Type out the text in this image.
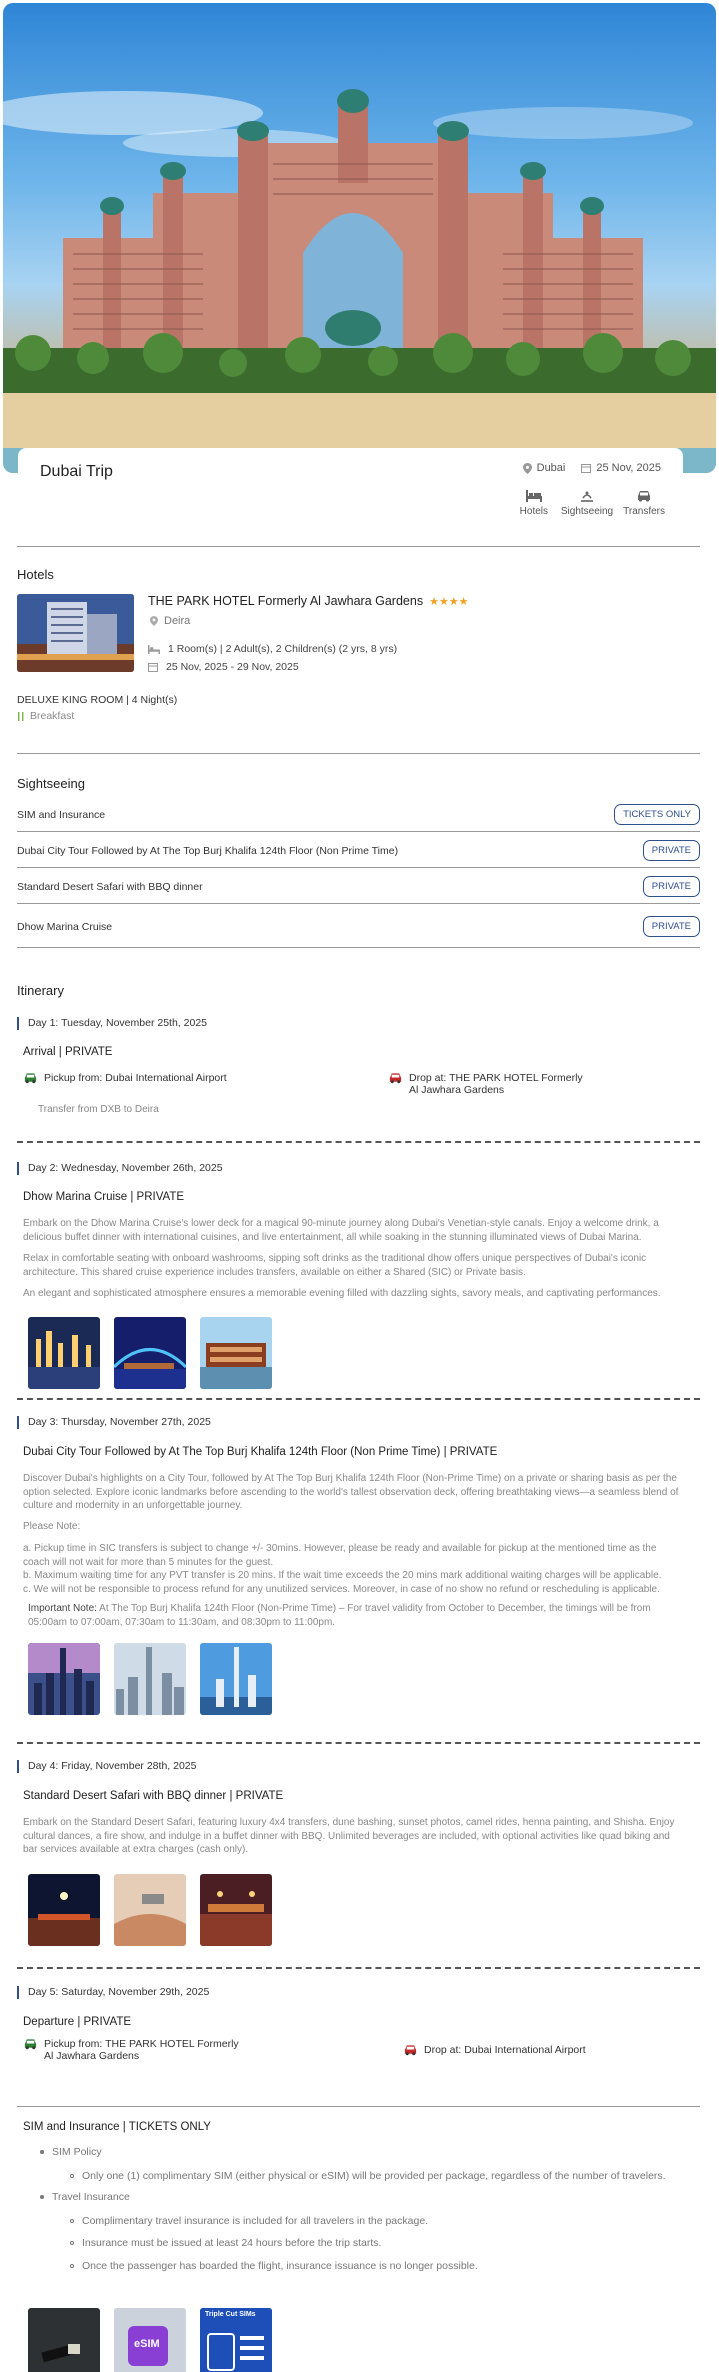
Dubai Trip	Dubai	25 Nov, 2025
Hotels Sightseeing Transfers
Hotels
THE PARK HOTEL Formerly Al Jawhara Gardens ★★★★
Deira
1 Room(s) | 2 Adult(s), 2 Children(s) (2 yrs, 8 yrs)
25 Nov, 2025 - 29 Nov, 2025
DELUXE KING ROOM | 4 Night(s)
Breakfast
Sightseeing
SIM and Insurance	TICKETS ONLY
Dubai City Tour Followed by At The Top Burj Khalifa 124th Floor (Non Prime Time)	PRIVATE
Standard Desert Safari with BBQ dinner	PRIVATE
Dhow Marina Cruise	PRIVATE
Itinerary
Day 1: Tuesday, November 25th, 2025
Arrival | PRIVATE
Pickup from: Dubai International Airport	Drop at: THE PARK HOTEL Formerly Al Jawhara Gardens
Transfer from DXB to Deira
Day 2: Wednesday, November 26th, 2025
Dhow Marina Cruise | PRIVATE
Embark on the Dhow Marina Cruise's lower deck for a magical 90-minute journey along Dubai's Venetian-style canals. Enjoy a welcome drink, a delicious buffet dinner with international cuisines, and live entertainment, all while soaking in the stunning illuminated views of Dubai Marina.
Relax in comfortable seating with onboard washrooms, sipping soft drinks as the traditional dhow offers unique perspectives of Dubai's iconic architecture. This shared cruise experience includes transfers, available on either a Shared (SIC) or Private basis.
An elegant and sophisticated atmosphere ensures a memorable evening filled with dazzling sights, savory meals, and captivating performances.
Day 3: Thursday, November 27th, 2025
Dubai City Tour Followed by At The Top Burj Khalifa 124th Floor (Non Prime Time) | PRIVATE
Discover Dubai's highlights on a City Tour, followed by At The Top Burj Khalifa 124th Floor (Non-Prime Time) on a private or sharing basis as per the option selected. Explore iconic landmarks before ascending to the world's tallest observation deck, offering breathtaking views—a seamless blend of culture and modernity in an unforgettable journey.
Please Note:
a. Pickup time in SIC transfers is subject to change +/- 30mins. However, please be ready and available for pickup at the mentioned time as the coach will not wait for more than 5 minutes for the guest.
b. Maximum waiting time for any PVT transfer is 20 mins. If the wait time exceeds the 20 mins mark additional waiting charges will be applicable.
c. We will not be responsible to process refund for any unutilized services. Moreover, in case of no show no refund or rescheduling is applicable.
Important Note: At The Top Burj Khalifa 124th Floor (Non-Prime Time) – For travel validity from October to December, the timings will be from 05:00am to 07:00am, 07:30am to 11:30am, and 08:30pm to 11:00pm.
Day 4: Friday, November 28th, 2025
Standard Desert Safari with BBQ dinner | PRIVATE
Embark on the Standard Desert Safari, featuring luxury 4x4 transfers, dune bashing, sunset photos, camel rides, henna painting, and Shisha. Enjoy cultural dances, a fire show, and indulge in a buffet dinner with BBQ. Unlimited beverages are included, with optional activities like quad biking and bar services available at extra charges (cash only).
Day 5: Saturday, November 29th, 2025
Departure | PRIVATE
Pickup from: THE PARK HOTEL Formerly Al Jawhara Gardens	Drop at: Dubai International Airport
SIM and Insurance | TICKETS ONLY
SIM Policy
Only one (1) complimentary SIM (either physical or eSIM) will be provided per package, regardless of the number of travelers.
Travel Insurance
Complimentary travel insurance is included for all travelers in the package.
Insurance must be issued at least 24 hours before the trip starts.
Once the passenger has boarded the flight, insurance issuance is no longer possible.
eSIM
Triple Cut SIMs
